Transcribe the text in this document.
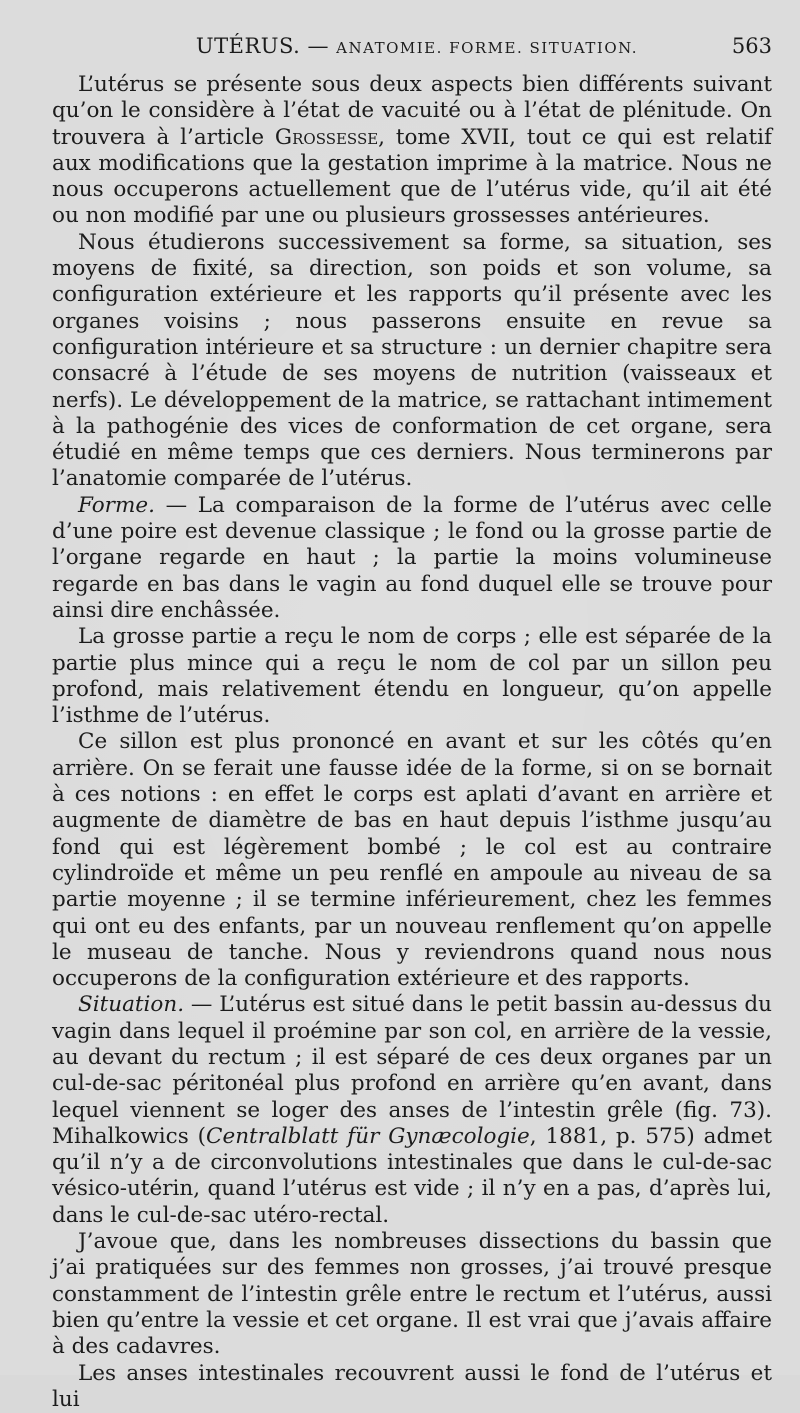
UTÉRUS. — ANATOMIE. FORME. SITUATION.	563

L’utérus se présente sous deux aspects bien différents suivant qu’on le considère à l’état de vacuité ou à l’état de plénitude. On trouvera à l’article Grossesse, tome XVII, tout ce qui est relatif aux modifications que la gestation imprime à la matrice. Nous ne nous occuperons actuellement que de l’utérus vide, qu’il ait été ou non modifié par une ou plusieurs grossesses antérieures.

Nous étudierons successivement sa forme, sa situation, ses moyens de fixité, sa direction, son poids et son volume, sa configuration extérieure et les rapports qu’il présente avec les organes voisins ; nous passerons ensuite en revue sa configuration intérieure et sa structure : un dernier chapitre sera consacré à l’étude de ses moyens de nutrition (vaisseaux et nerfs). Le développement de la matrice, se rattachant intimement à la pathogénie des vices de conformation de cet organe, sera étudié en même temps que ces derniers. Nous terminerons par l’anatomie comparée de l’utérus.

Forme. — La comparaison de la forme de l’utérus avec celle d’une poire est devenue classique ; le fond ou la grosse partie de l’organe regarde en haut ; la partie la moins volumineuse regarde en bas dans le vagin au fond duquel elle se trouve pour ainsi dire enchâssée.

La grosse partie a reçu le nom de corps ; elle est séparée de la partie plus mince qui a reçu le nom de col par un sillon peu profond, mais relativement étendu en longueur, qu’on appelle l’isthme de l’utérus.

Ce sillon est plus prononcé en avant et sur les côtés qu’en arrière. On se ferait une fausse idée de la forme, si on se bornait à ces notions : en effet le corps est aplati d’avant en arrière et augmente de diamètre de bas en haut depuis l’isthme jusqu’au fond qui est légèrement bombé ; le col est au contraire cylindroïde et même un peu renflé en ampoule au niveau de sa partie moyenne ; il se termine inférieurement, chez les femmes qui ont eu des enfants, par un nouveau renflement qu’on appelle le museau de tanche. Nous y reviendrons quand nous nous occuperons de la configuration extérieure et des rapports.

Situation. — L’utérus est situé dans le petit bassin au-dessus du vagin dans lequel il proémine par son col, en arrière de la vessie, au devant du rectum ; il est séparé de ces deux organes par un cul-de-sac péritonéal plus profond en arrière qu’en avant, dans lequel viennent se loger des anses de l’intestin grêle (fig. 73). Mihalkowics (Centralblatt für Gynæcologie, 1881, p. 575) admet qu’il n’y a de circonvolutions intestinales que dans le cul-de-sac vésico-utérin, quand l’utérus est vide ; il n’y en a pas, d’après lui, dans le cul-de-sac utéro-rectal.

J’avoue que, dans les nombreuses dissections du bassin que j’ai pratiquées sur des femmes non grosses, j’ai trouvé presque constamment de l’intestin grêle entre le rectum et l’utérus, aussi bien qu’entre la vessie et cet organe. Il est vrai que j’avais affaire à des cadavres.

Les anses intestinales recouvrent aussi le fond de l’utérus et lui
